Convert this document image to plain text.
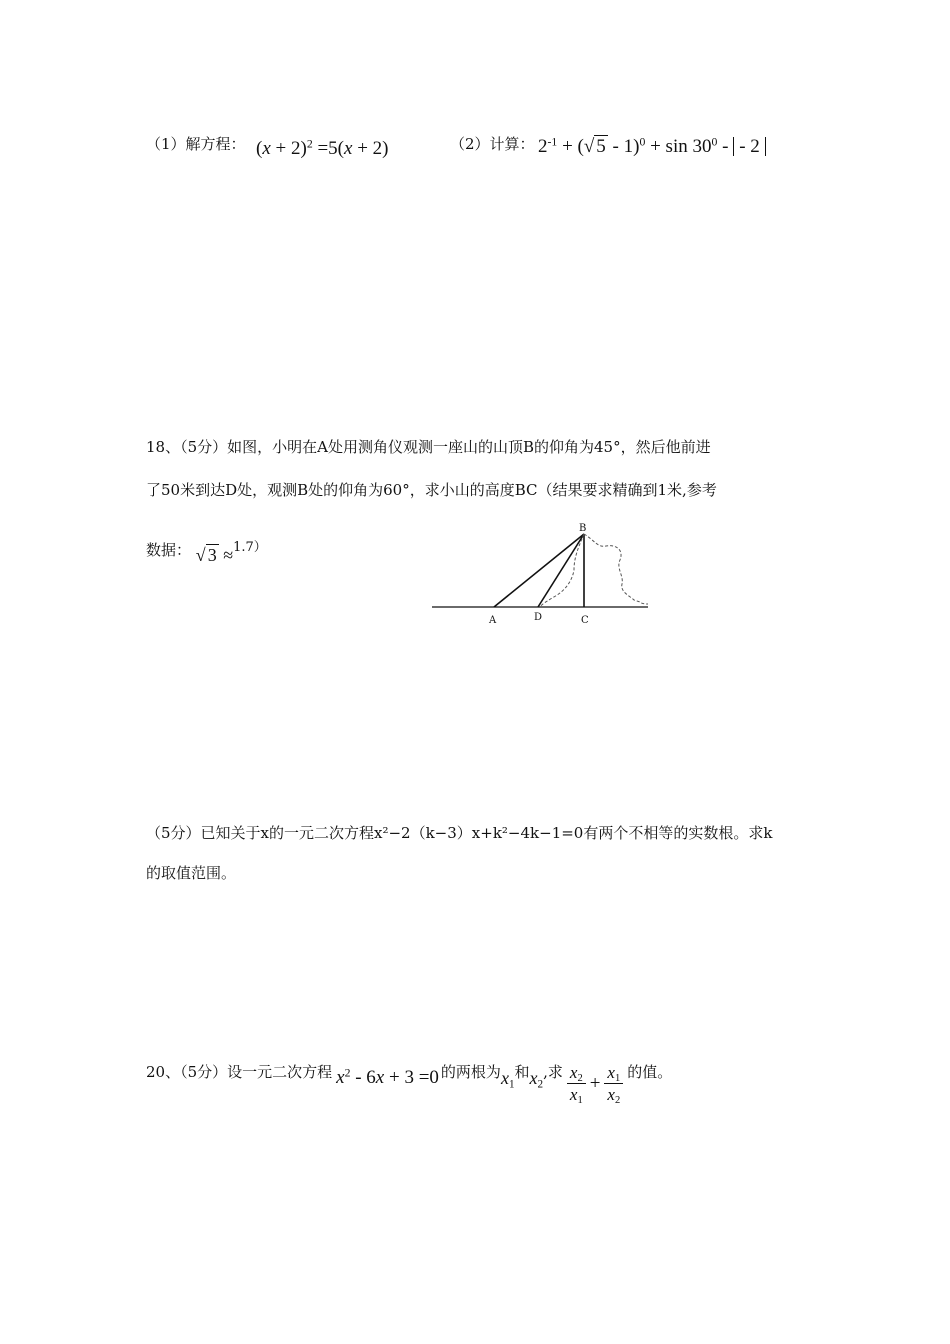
（1）解方程： $(x + 2)^2 =5(x + 2)$	（2）计算： $2^{-1}$ + (√ $5 - 1)^0 + \sin 30^0$ - - 2
18、（5分）如图，小明在A处用测角仪观测一座山的山顶B的仰角为45°，然后他前进
了50米到达D处，观测B处的仰角为60°，求小山的高度BC（结果要求精确到1米,参考
数据： √ 3 ≈1.7）
B
A	D	C
（5分）已知关于x的一元二次方程x²−2（k−3）x+k²−4k−1=0有两个不相等的实数根。求k
的取值范围。
20、（5分）设一元二次方程 $x^2 - 6x + 3 =0$ 的两根为 $x_1$
和 $x_2$
,求 $\frac{x_2}{x_1} + \frac{x_1}{x_2}$ 的值。
